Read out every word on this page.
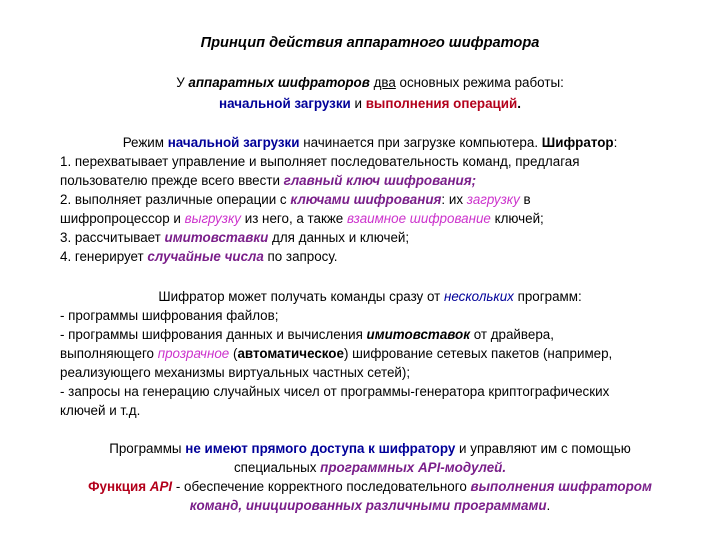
Принцип действия аппаратного шифратора
У аппаратных шифраторов два основных режима работы:
начальной загрузки и выполнения операций.
Режим начальной загрузки начинается при загрузке компьютера. Шифратор:
1. перехватывает управление и выполняет последовательность команд, предлагая
пользователю прежде всего ввести главный ключ шифрования;
2. выполняет различные операции с ключами шифрования: их загрузку в
шифропроцессор и выгрузку из него, а также взаимное шифрование ключей;
3. рассчитывает имитовставки для данных и ключей;
4. генерирует случайные числа по запросу.
Шифратор может получать команды сразу от нескольких программ:
- программы шифрования файлов;
- программы шифрования данных и вычисления имитовставок от драйвера,
выполняющего прозрачное (автоматическое) шифрование сетевых пакетов (например,
реализующего механизмы виртуальных частных сетей);
- запросы на генерацию случайных чисел от программы-генератора криптографических
ключей и т.д.
Программы не имеют прямого доступа к шифратору и управляют им с помощью
специальных программных API-модулей.
Функция API - обеспечение корректного последовательного выполнения шифратором
команд, инициированных различными программами.
